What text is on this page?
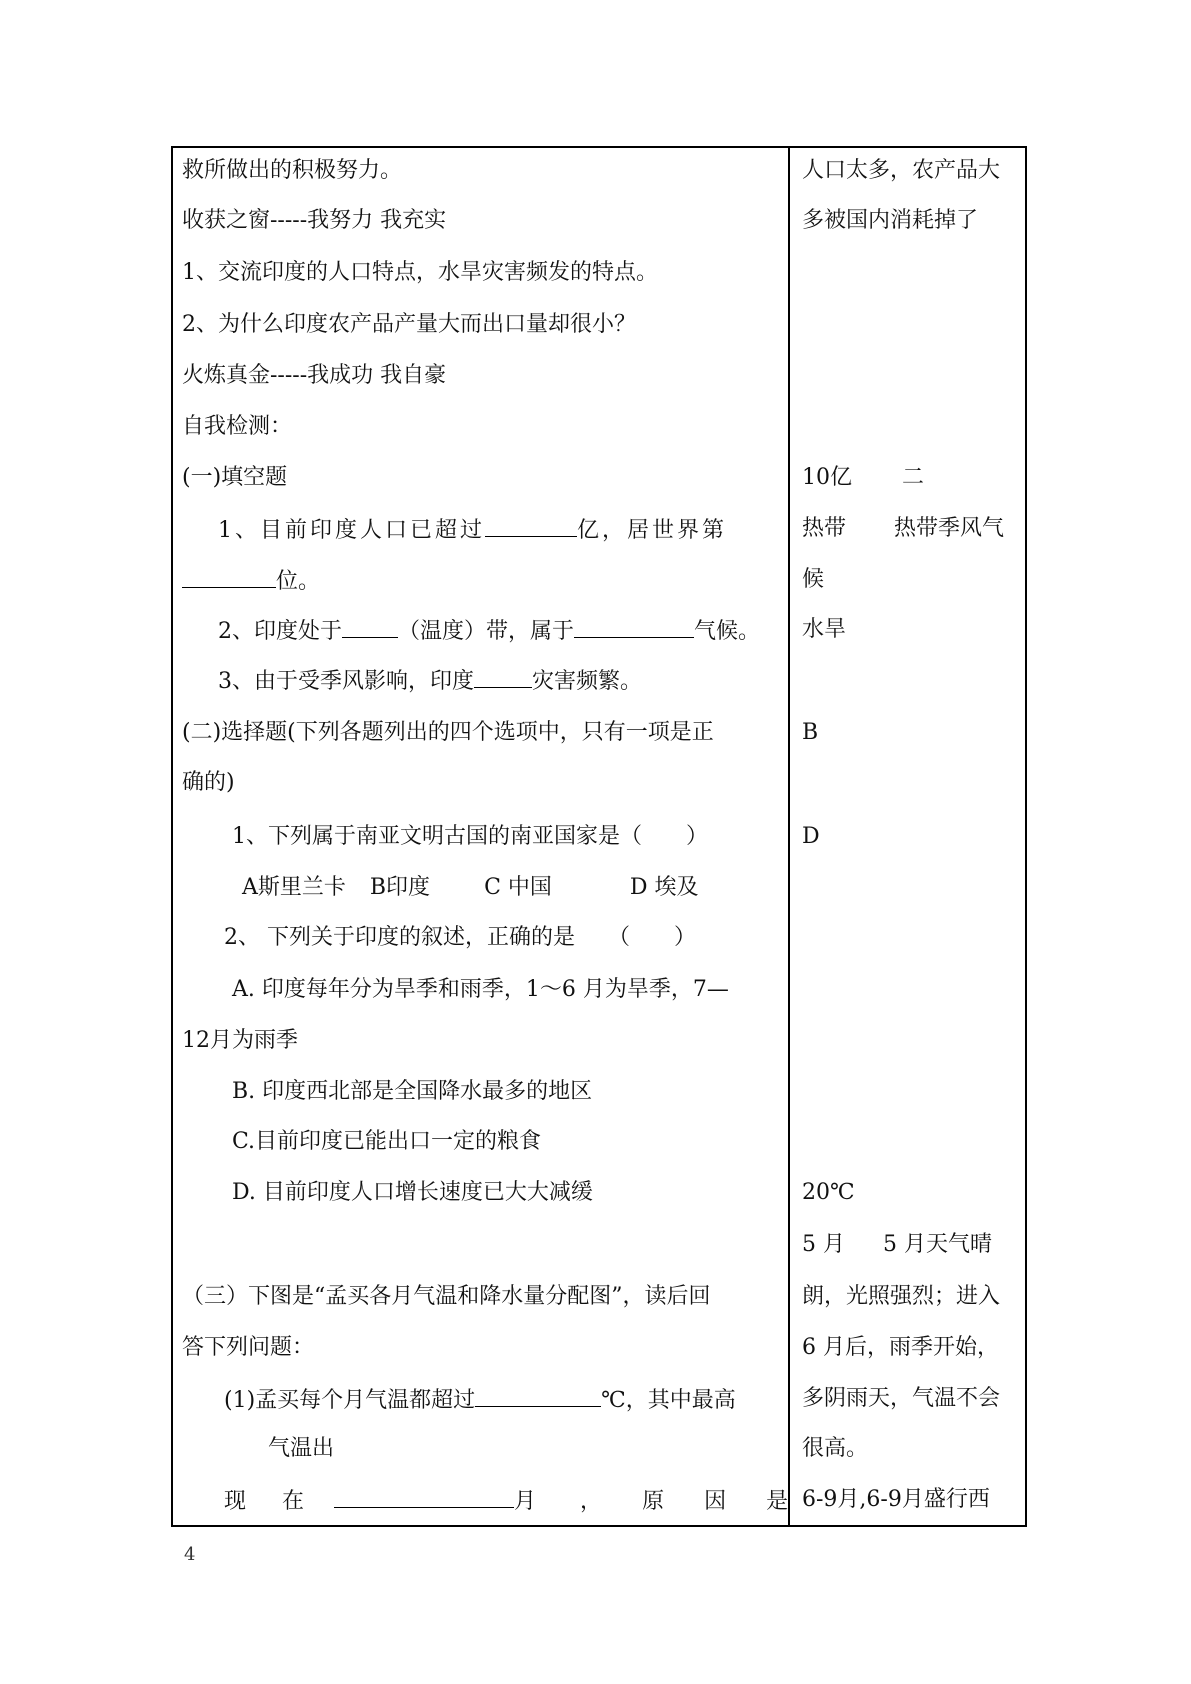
救所做出的积极努力。
收获之窗-----我努力 我充实
1、交流印度的人口特点，水旱灾害频发的特点。
2、为什么印度农产品产量大而出口量却很小？
火炼真金-----我成功 我自豪
自我检测：
(一)填空题
1、目前印度人口已超过	亿，居世界第
位。
2、印度处于	（温度）带，属于	气候。
3、由于受季风影响，印度	灾害频繁。
(二)选择题(下列各题列出的四个选项中，只有一项是正
确的)
1、下列属于南亚文明古国的南亚国家是（　　）
A斯里兰卡 B印度 C 中国	D 埃及
2、 下列关于印度的叙述，正确的是　　（　　）
A. 印度每年分为旱季和雨季，1～6 月为旱季，7—
12月为雨季
B. 印度西北部是全国降水最多的地区
C.目前印度已能出口一定的粮食
D. 目前印度人口增长速度已大大减缓
（三）下图是“孟买各月气温和降水量分配图”，读后回
答下列问题：
(1)孟买每个月气温都超过	℃，其中最高
气温出
现 在	月 ， 原 因 是
人口太多，农产品大
多被国内消耗掉了
10亿 二
热带 热带季风气
候
水旱
B
D
20℃
5 月 5 月天气晴
朗，光照强烈；进入
6 月后，雨季开始，
多阴雨天，气温不会
很高。
6-9月,6-9月盛行西
4
